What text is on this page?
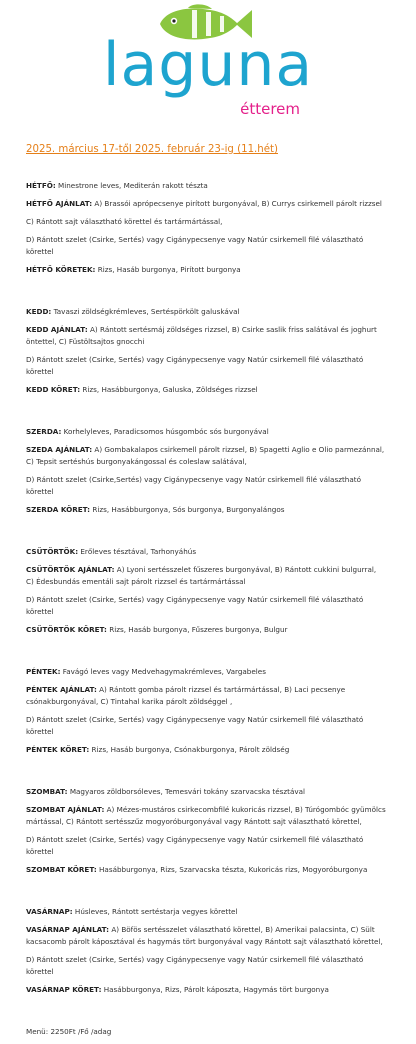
laguna
étterem
2025. március 17-től 2025. február 23-ig (11.hét)
HÉTFŐ: Minestrone leves, Mediterán rakott tészta
HÉTFŐ AJÁNLAT: A) Brassói aprópecsenye pirított burgonyával, B) Currys csirkemell párolt rizzsel
C) Rántott sajt választható körettel és tartármártással,
D) Rántott szelet (Csirke, Sertés) vagy Cigánypecsenye vagy Natúr csirkemell filé választható körettel
HÉTFŐ KÖRETEK: Rizs, Hasáb burgonya, Pirított burgonya
KEDD: Tavaszi zöldségkrémleves, Sertéspörkölt galuskával
KEDD AJÁNLAT: A) Rántott sertésmáj zöldséges rizzsel, B) Csirke saslik friss salátával és joghurt öntettel, C) Füstöltsajtos gnocchi
D) Rántott szelet (Csirke, Sertés) vagy Cigánypecsenye vagy Natúr csirkemell filé választható körettel
KEDD KÖRET: Rizs, Hasábburgonya, Galuska, Zöldséges rizzsel
SZERDA: Korhelyleves, Paradicsomos húsgombóc sós burgonyával
SZEDA AJÁNLAT: A) Gombakalapos csirkemell párolt rizzsel, B) Spagetti Aglio e Olio parmezánnal, C) Tepsit sertéshús burgonyakángossal és coleslaw salátával,
D) Rántott szelet (Csirke,Sertés) vagy Cigánypecsenye vagy Natúr csirkemell filé választható körettel
SZERDA KÖRET: Rizs, Hasábburgonya, Sós burgonya, Burgonyalángos
CSÜTÖRTÖK: Erőleves tésztával, Tarhonyáhús
CSÜTÖRTÖK AJÁNLAT: A) Lyoni sertésszelet fűszeres burgonyával, B) Rántott cukkini bulgurral, C) Édesbundás ementáli sajt párolt rizzsel és tartármártással
D) Rántott szelet (Csirke, Sertés) vagy Cigánypecsenye vagy Natúr csirkemell filé választható körettel
CSÜTÖRTÖK KÖRET: Rizs, Hasáb burgonya, Fűszeres burgonya, Bulgur
PÉNTEK: Favágó leves vagy Medvehagymakrémleves, Vargabeles
PÉNTEK AJÁNLAT: A) Rántott gomba párolt rizzsel és tartármártással, B) Laci pecsenye csónakburgonyával, C) Tintahal karika párolt zöldséggel ,
D) Rántott szelet (Csirke, Sertés) vagy Cigánypecsenye vagy Natúr csirkemell filé választható körettel
PÉNTEK KÖRET: Rizs, Hasáb burgonya, Csónakburgonya, Párolt zöldség
SZOMBAT: Magyaros zöldborsóleves, Temesvári tokány szarvacska tésztával
SZOMBAT AJÁNLAT: A) Mézes-mustáros csirkecombfilé kukoricás rizzsel, B) Túrógombóc gyümölcs mártással, C) Rántott sertésszűz mogyoróburgonyával vagy Rántott sajt választható körettel,
D) Rántott szelet (Csirke, Sertés) vagy Cigánypecsenye vagy Natúr csirkemell filé választható körettel
SZOMBAT KÖRET: Hasábburgonya, Rizs, Szarvacska tészta, Kukoricás rizs, Mogyoróburgonya
VASÁRNAP: Húsleves, Rántott sertéstarja vegyes körettel
VASÁRNAP AJÁNLAT: A) Böfös sertésszelet választható körettel, B) Amerikai palacsinta, C) Sült kacsacomb párolt káposztával és hagymás tört burgonyával vagy Rántott sajt választható körettel,
D) Rántott szelet (Csirke, Sertés) vagy Cigánypecsenye vagy Natúr csirkemell filé választható körettel
VASÁRNAP KÖRET: Hasábburgonya, Rizs, Párolt káposzta, Hagymás tört burgonya
Menü: 2250Ft /Fő /adag
